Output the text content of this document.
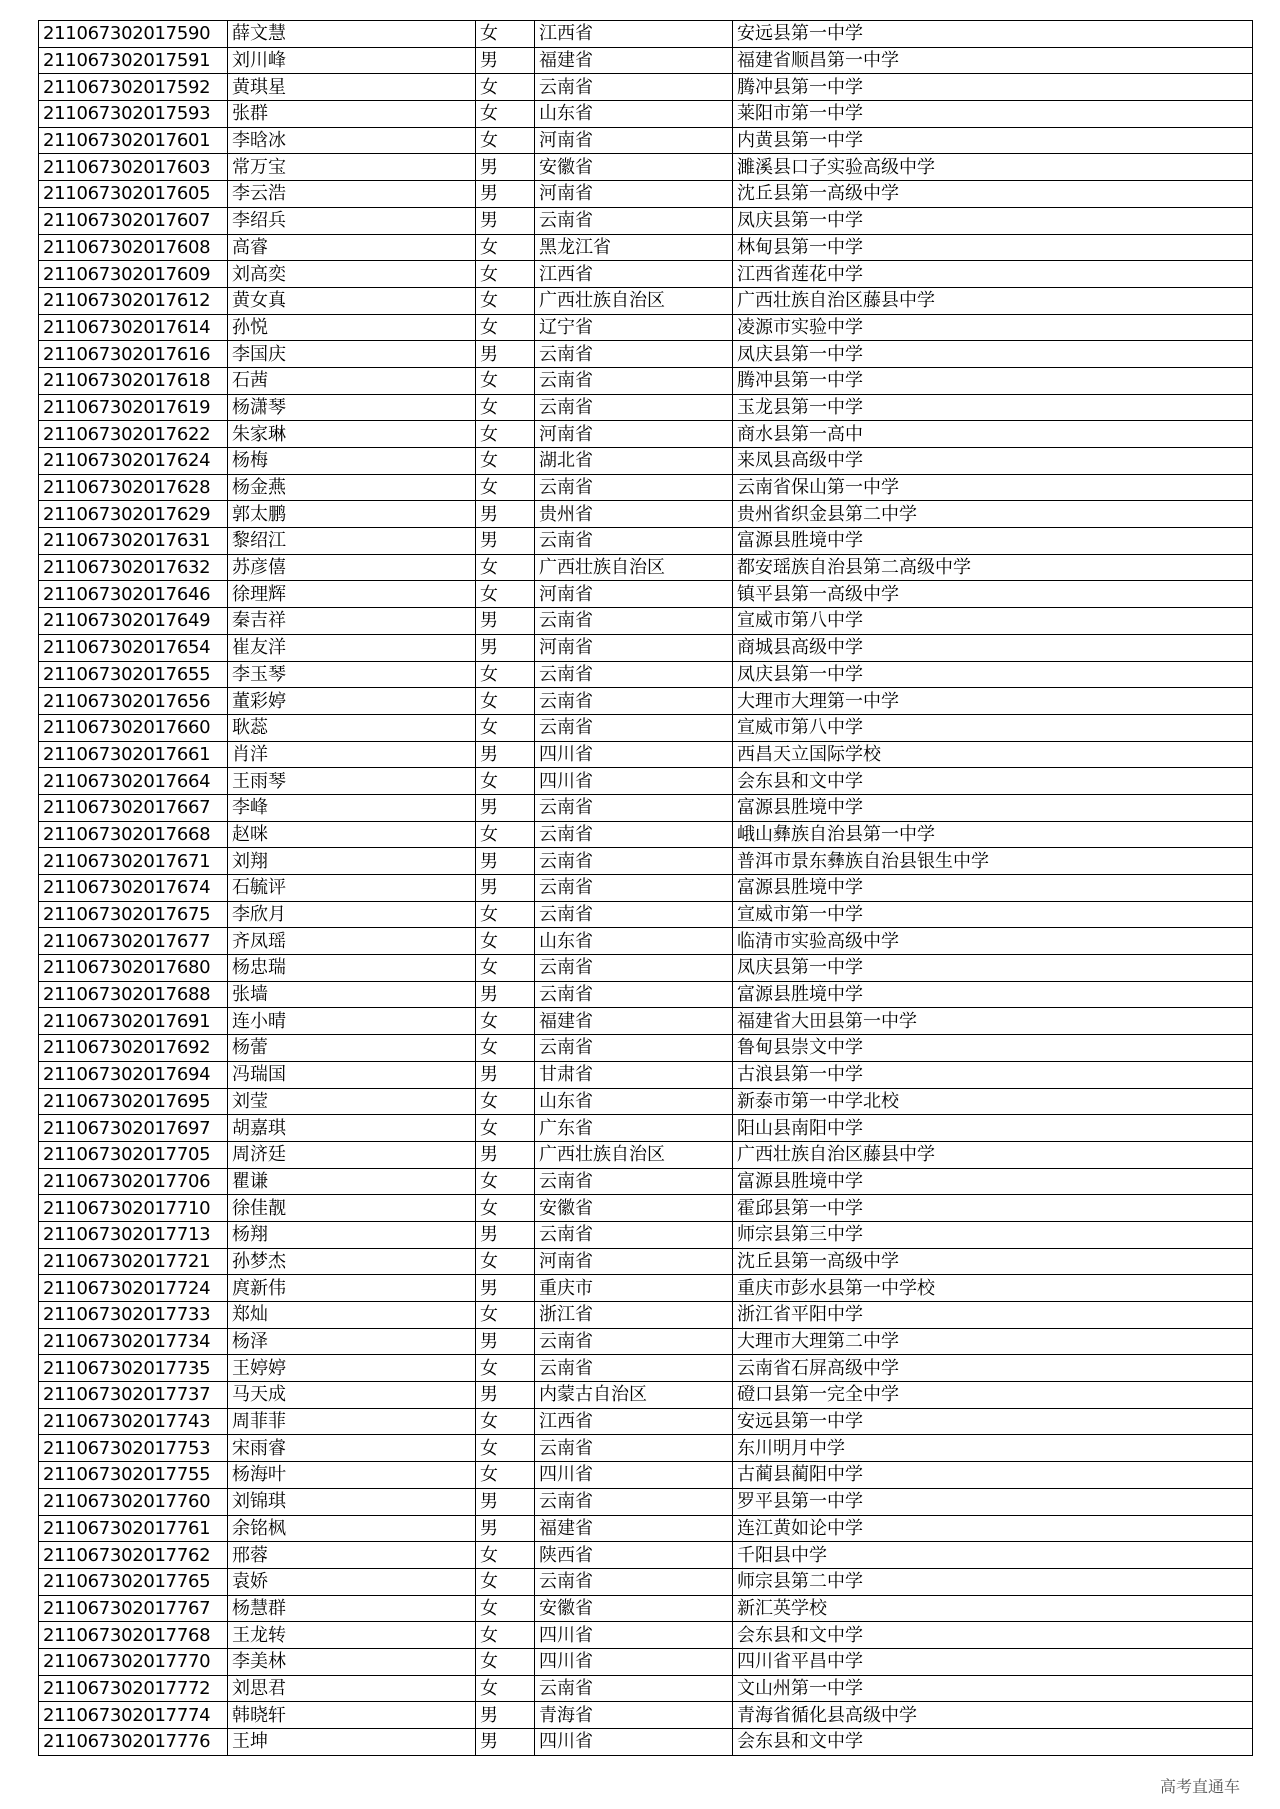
211067302017590	薛文慧	女	江西省	安远县第一中学
211067302017591	刘川峰	男	福建省	福建省顺昌第一中学
211067302017592	黄琪星	女	云南省	腾冲县第一中学
211067302017593	张群	女	山东省	莱阳市第一中学
211067302017601	李晗冰	女	河南省	内黄县第一中学
211067302017603	常万宝	男	安徽省	濉溪县口子实验高级中学
211067302017605	李云浩	男	河南省	沈丘县第一高级中学
211067302017607	李绍兵	男	云南省	凤庆县第一中学
211067302017608	高睿	女	黑龙江省	林甸县第一中学
211067302017609	刘高奕	女	江西省	江西省莲花中学
211067302017612	黄女真	女	广西壮族自治区	广西壮族自治区藤县中学
211067302017614	孙悦	女	辽宁省	凌源市实验中学
211067302017616	李国庆	男	云南省	凤庆县第一中学
211067302017618	石茜	女	云南省	腾冲县第一中学
211067302017619	杨潇琴	女	云南省	玉龙县第一中学
211067302017622	朱家琳	女	河南省	商水县第一高中
211067302017624	杨梅	女	湖北省	来凤县高级中学
211067302017628	杨金燕	女	云南省	云南省保山第一中学
211067302017629	郭太鹏	男	贵州省	贵州省织金县第二中学
211067302017631	黎绍江	男	云南省	富源县胜境中学
211067302017632	苏彦僖	女	广西壮族自治区	都安瑶族自治县第二高级中学
211067302017646	徐理辉	女	河南省	镇平县第一高级中学
211067302017649	秦吉祥	男	云南省	宣威市第八中学
211067302017654	崔友洋	男	河南省	商城县高级中学
211067302017655	李玉琴	女	云南省	凤庆县第一中学
211067302017656	董彩婷	女	云南省	大理市大理第一中学
211067302017660	耿蕊	女	云南省	宣威市第八中学
211067302017661	肖洋	男	四川省	西昌天立国际学校
211067302017664	王雨琴	女	四川省	会东县和文中学
211067302017667	李峰	男	云南省	富源县胜境中学
211067302017668	赵咪	女	云南省	峨山彝族自治县第一中学
211067302017671	刘翔	男	云南省	普洱市景东彝族自治县银生中学
211067302017674	石毓评	男	云南省	富源县胜境中学
211067302017675	李欣月	女	云南省	宣威市第一中学
211067302017677	齐凤瑶	女	山东省	临清市实验高级中学
211067302017680	杨忠瑞	女	云南省	凤庆县第一中学
211067302017688	张墙	男	云南省	富源县胜境中学
211067302017691	连小晴	女	福建省	福建省大田县第一中学
211067302017692	杨蕾	女	云南省	鲁甸县崇文中学
211067302017694	冯瑞国	男	甘肃省	古浪县第一中学
211067302017695	刘莹	女	山东省	新泰市第一中学北校
211067302017697	胡嘉琪	女	广东省	阳山县南阳中学
211067302017705	周济廷	男	广西壮族自治区	广西壮族自治区藤县中学
211067302017706	瞿谦	女	云南省	富源县胜境中学
211067302017710	徐佳靓	女	安徽省	霍邱县第一中学
211067302017713	杨翔	男	云南省	师宗县第三中学
211067302017721	孙梦杰	女	河南省	沈丘县第一高级中学
211067302017724	庹新伟	男	重庆市	重庆市彭水县第一中学校
211067302017733	郑灿	女	浙江省	浙江省平阳中学
211067302017734	杨泽	男	云南省	大理市大理第二中学
211067302017735	王婷婷	女	云南省	云南省石屏高级中学
211067302017737	马天成	男	内蒙古自治区	磴口县第一完全中学
211067302017743	周菲菲	女	江西省	安远县第一中学
211067302017753	宋雨睿	女	云南省	东川明月中学
211067302017755	杨海叶	女	四川省	古蔺县蔺阳中学
211067302017760	刘锦琪	男	云南省	罗平县第一中学
211067302017761	余铭枫	男	福建省	连江黄如论中学
211067302017762	邢蓉	女	陕西省	千阳县中学
211067302017765	袁娇	女	云南省	师宗县第二中学
211067302017767	杨慧群	女	安徽省	新汇英学校
211067302017768	王龙转	女	四川省	会东县和文中学
211067302017770	李美林	女	四川省	四川省平昌中学
211067302017772	刘思君	女	云南省	文山州第一中学
211067302017774	韩晓轩	男	青海省	青海省循化县高级中学
211067302017776	王坤	男	四川省	会东县和文中学
高考直通车
